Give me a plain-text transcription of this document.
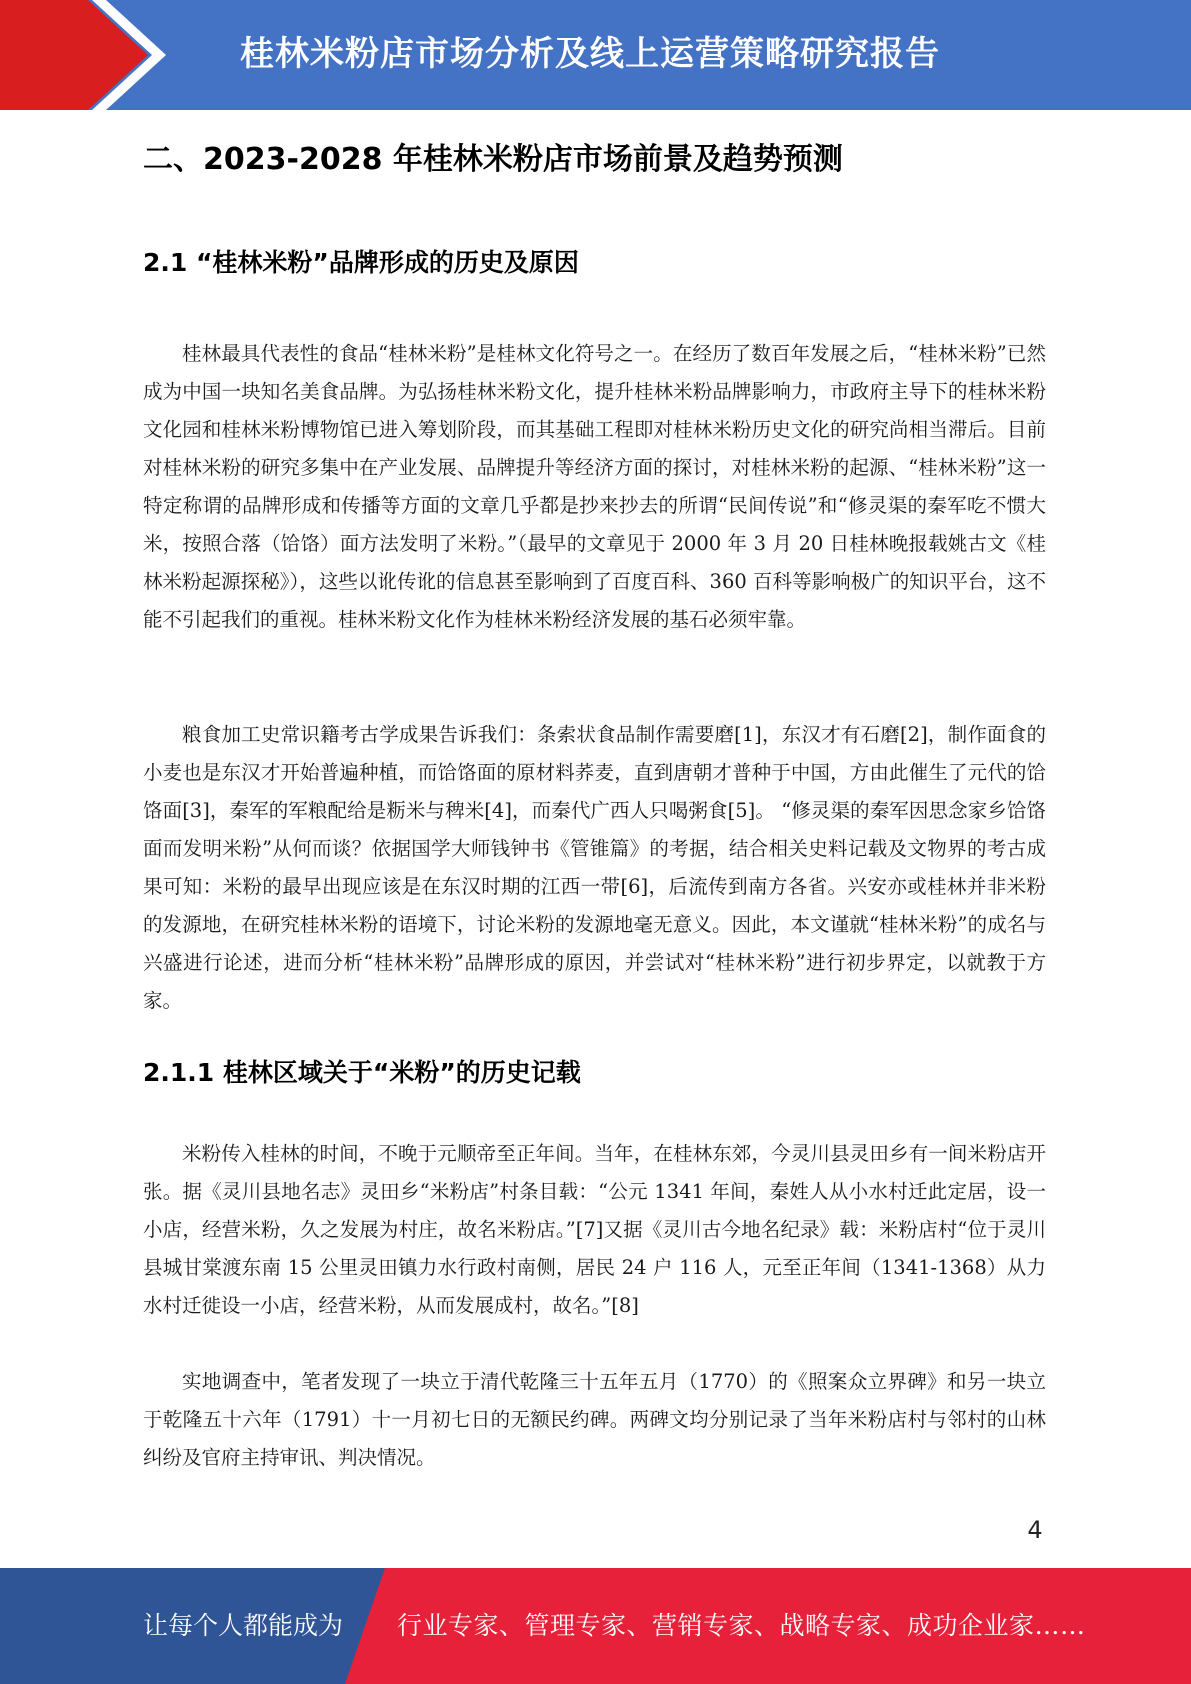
桂林米粉店市场分析及线上运营策略研究报告
二、2023-2028 年桂林米粉店市场前景及趋势预测
2.1 “桂林米粉”品牌形成的历史及原因

桂林最具代表性的食品“桂林米粉”是桂林文化符号之一。在经历了数百年发展之后，“桂林米粉”已然成为中国一块知名美食品牌。为弘扬桂林米粉文化，提升桂林米粉品牌影响力，市政府主导下的桂林米粉文化园和桂林米粉博物馆已进入筹划阶段，而其基础工程即对桂林米粉历史文化的研究尚相当滞后。目前对桂林米粉的研究多集中在产业发展、品牌提升等经济方面的探讨，对桂林米粉的起源、“桂林米粉”这一特定称谓的品牌形成和传播等方面的文章几乎都是抄来抄去的所谓“民间传说”和“修灵渠的秦军吃不惯大米，按照合落（饸饹）面方法发明了米粉。”（最早的文章见于 2000 年 3 月 20 日桂林晚报载姚古文《桂林米粉起源探秘》），这些以讹传讹的信息甚至影响到了百度百科、360 百科等影响极广的知识平台，这不能不引起我们的重视。桂林米粉文化作为桂林米粉经济发展的基石必须牢靠。

粮食加工史常识籍考古学成果告诉我们：条索状食品制作需要磨[1]，东汉才有石磨[2]，制作面食的小麦也是东汉才开始普遍种植，而饸饹面的原材料荞麦，直到唐朝才普种于中国，方由此催生了元代的饸饹面[3]，秦军的军粮配给是粝米与稗米[4]，而秦代广西人只喝粥食[5]。 “修灵渠的秦军因思念家乡饸饹面而发明米粉”从何而谈？依据国学大师钱钟书《管锥篇》的考据，结合相关史料记载及文物界的考古成果可知：米粉的最早出现应该是在东汉时期的江西一带[6]，后流传到南方各省。兴安亦或桂林并非米粉的发源地，在研究桂林米粉的语境下，讨论米粉的发源地毫无意义。因此，本文谨就“桂林米粉”的成名与兴盛进行论述，进而分析“桂林米粉”品牌形成的原因，并尝试对“桂林米粉”进行初步界定，以就教于方家。

2.1.1 桂林区域关于“米粉”的历史记载

米粉传入桂林的时间，不晚于元顺帝至正年间。当年，在桂林东郊，今灵川县灵田乡有一间米粉店开张。据《灵川县地名志》灵田乡“米粉店”村条目载：“公元 1341 年间，秦姓人从小水村迁此定居，设一小店，经营米粉，久之发展为村庄，故名米粉店。”[7]又据《灵川古今地名纪录》载：米粉店村“位于灵川县城甘棠渡东南 15 公里灵田镇力水行政村南侧，居民 24 户 116 人，元至正年间（1341-1368）从力水村迁徙设一小店，经营米粉，从而发展成村，故名。”[8]

实地调查中，笔者发现了一块立于清代乾隆三十五年五月（1770）的《照案众立界碑》和另一块立于乾隆五十六年（1791）十一月初七日的无额民约碑。两碑文均分别记录了当年米粉店村与邻村的山林纠纷及官府主持审讯、判决情况。

4
让每个人都能成为 行业专家、管理专家、营销专家、战略专家、成功企业家……
